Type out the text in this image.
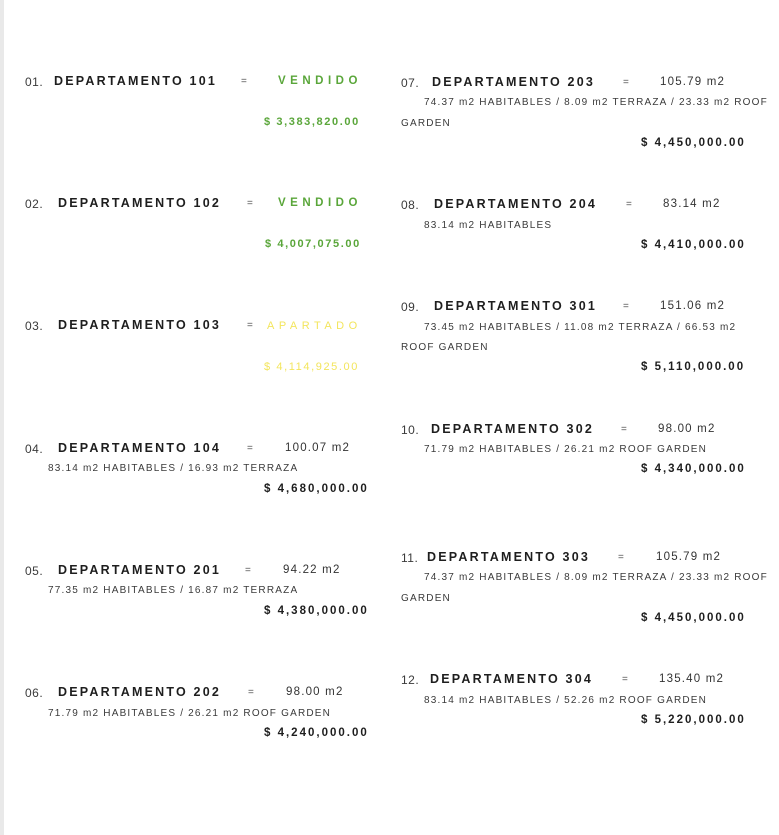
01. DEPARTAMENTO 101 =	VENDIDO
$ 3,383,820.00
02. DEPARTAMENTO 102	= VENDIDO
$ 4,007,075.00
03. DEPARTAMENTO 103	= APARTADO
$ 4,114,925.00
04. DEPARTAMENTO 104	=	100.07 m2
83.14 m2 HABITABLES / 16.93 m2 TERRAZA
$ 4,680,000.00
05. DEPARTAMENTO 201 =	94.22 m2
77.35 m2 HABITABLES / 16.87 m2 TERRAZA
$ 4,380,000.00
06. DEPARTAMENTO 202	=	98.00 m2
71.79 m2 HABITABLES / 26.21 m2 ROOF GARDEN
$ 4,240,000.00
07. DEPARTAMENTO 203	=	105.79 m2
74.37 m2 HABITABLES / 8.09 m2 TERRAZA / 23.33 m2 ROOF
GARDEN
$ 4,450,000.00
08. DEPARTAMENTO 204	=	83.14 m2
83.14 m2 HABITABLES
$ 4,410,000.00
09. DEPARTAMENTO 301	=	151.06 m2
73.45 m2 HABITABLES / 11.08 m2 TERRAZA / 66.53 m2
ROOF GARDEN
$ 5,110,000.00
10. DEPARTAMENTO 302	=	98.00 m2
71.79 m2 HABITABLES / 26.21 m2 ROOF GARDEN
$ 4,340,000.00
11. DEPARTAMENTO 303	=	105.79 m2
74.37 m2 HABITABLES / 8.09 m2 TERRAZA / 23.33 m2 ROOF
GARDEN
$ 4,450,000.00
12. DEPARTAMENTO 304	=	135.40 m2
83.14 m2 HABITABLES / 52.26 m2 ROOF GARDEN
$ 5,220,000.00
